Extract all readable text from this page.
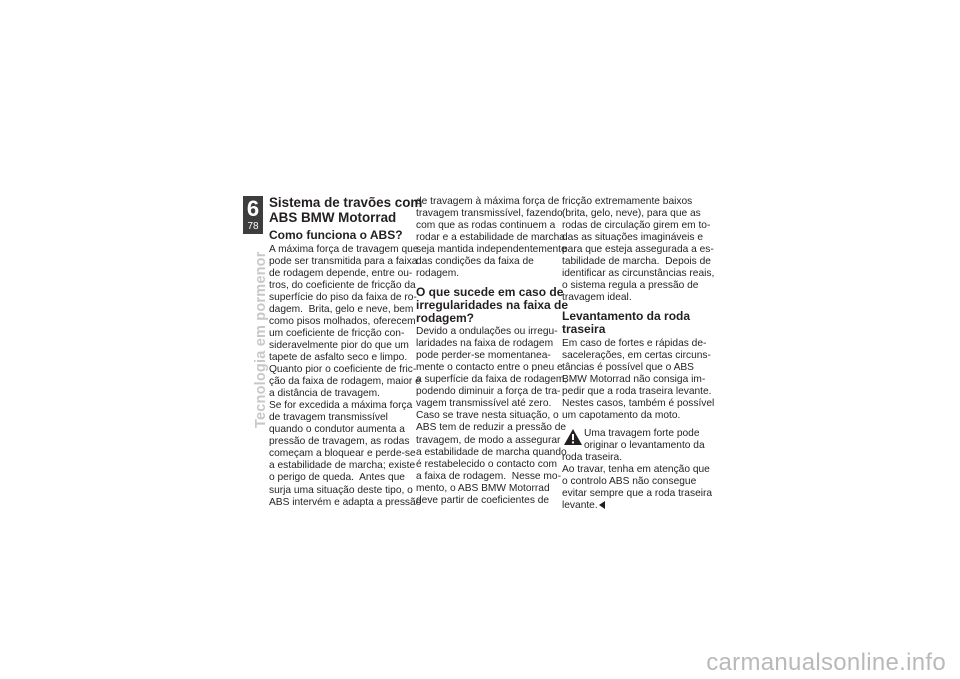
6
78
Tecnologia em pormenor
Sistema de travões com
ABS BMW Motorrad
Como funciona o ABS?

A máxima força de travagem que

pode ser transmitida para a faixa

de rodagem depende, entre ou-

tros, do coeficiente de fricção da

superfície do piso da faixa de ro-

dagem.  Brita, gelo e neve, bem

como pisos molhados, oferecem

um coeficiente de fricção con-

sideravelmente pior do que um

tapete de asfalto seco e limpo.

Quanto pior o coeficiente de fric-

ção da faixa de rodagem, maior é

a distância de travagem.

Se for excedida a máxima força

de travagem transmissível

quando o condutor aumenta a

pressão de travagem, as rodas

começam a bloquear e perde-se

a estabilidade de marcha; existe

o perigo de queda.  Antes que

surja uma situação deste tipo, o

ABS intervém e adapta a pressão

de travagem à máxima força de

travagem transmissível, fazendo

com que as rodas continuem a

rodar e a estabilidade de marcha

seja mantida independentemente

das condições da faixa de

rodagem.

O que sucede em caso de
irregularidades na faixa de
rodagem?

Devido a ondulações ou irregu-

laridades na faixa de rodagem

pode perder-se momentanea-

mente o contacto entre o pneu e

a superfície da faixa de rodagem,

podendo diminuir a força de tra-

vagem transmissível até zero.

Caso se trave nesta situação, o

ABS tem de reduzir a pressão de

travagem, de modo a assegurar

a estabilidade de marcha quando

é restabelecido o contacto com

a faixa de rodagem.  Nesse mo-

mento, o ABS BMW Motorrad

deve partir de coeficientes de

fricção extremamente baixos

(brita, gelo, neve), para que as

rodas de circulação girem em to-

das as situações imagináveis e

para que esteja assegurada a es-

tabilidade de marcha.  Depois de

identificar as circunstâncias reais,

o sistema regula a pressão de

travagem ideal.

Levantamento da roda
traseira

Em caso de fortes e rápidas de-

sacelerações, em certas circuns-

tâncias é possível que o ABS

BMW Motorrad não consiga im-

pedir que a roda traseira levante.

Nestes casos, também é possível

um capotamento da moto.

Uma travagem forte pode

originar o levantamento da

roda traseira.

Ao travar, tenha em atenção que

o controlo ABS não consegue

evitar sempre que a roda traseira

levante.

carmanualsonline.info
